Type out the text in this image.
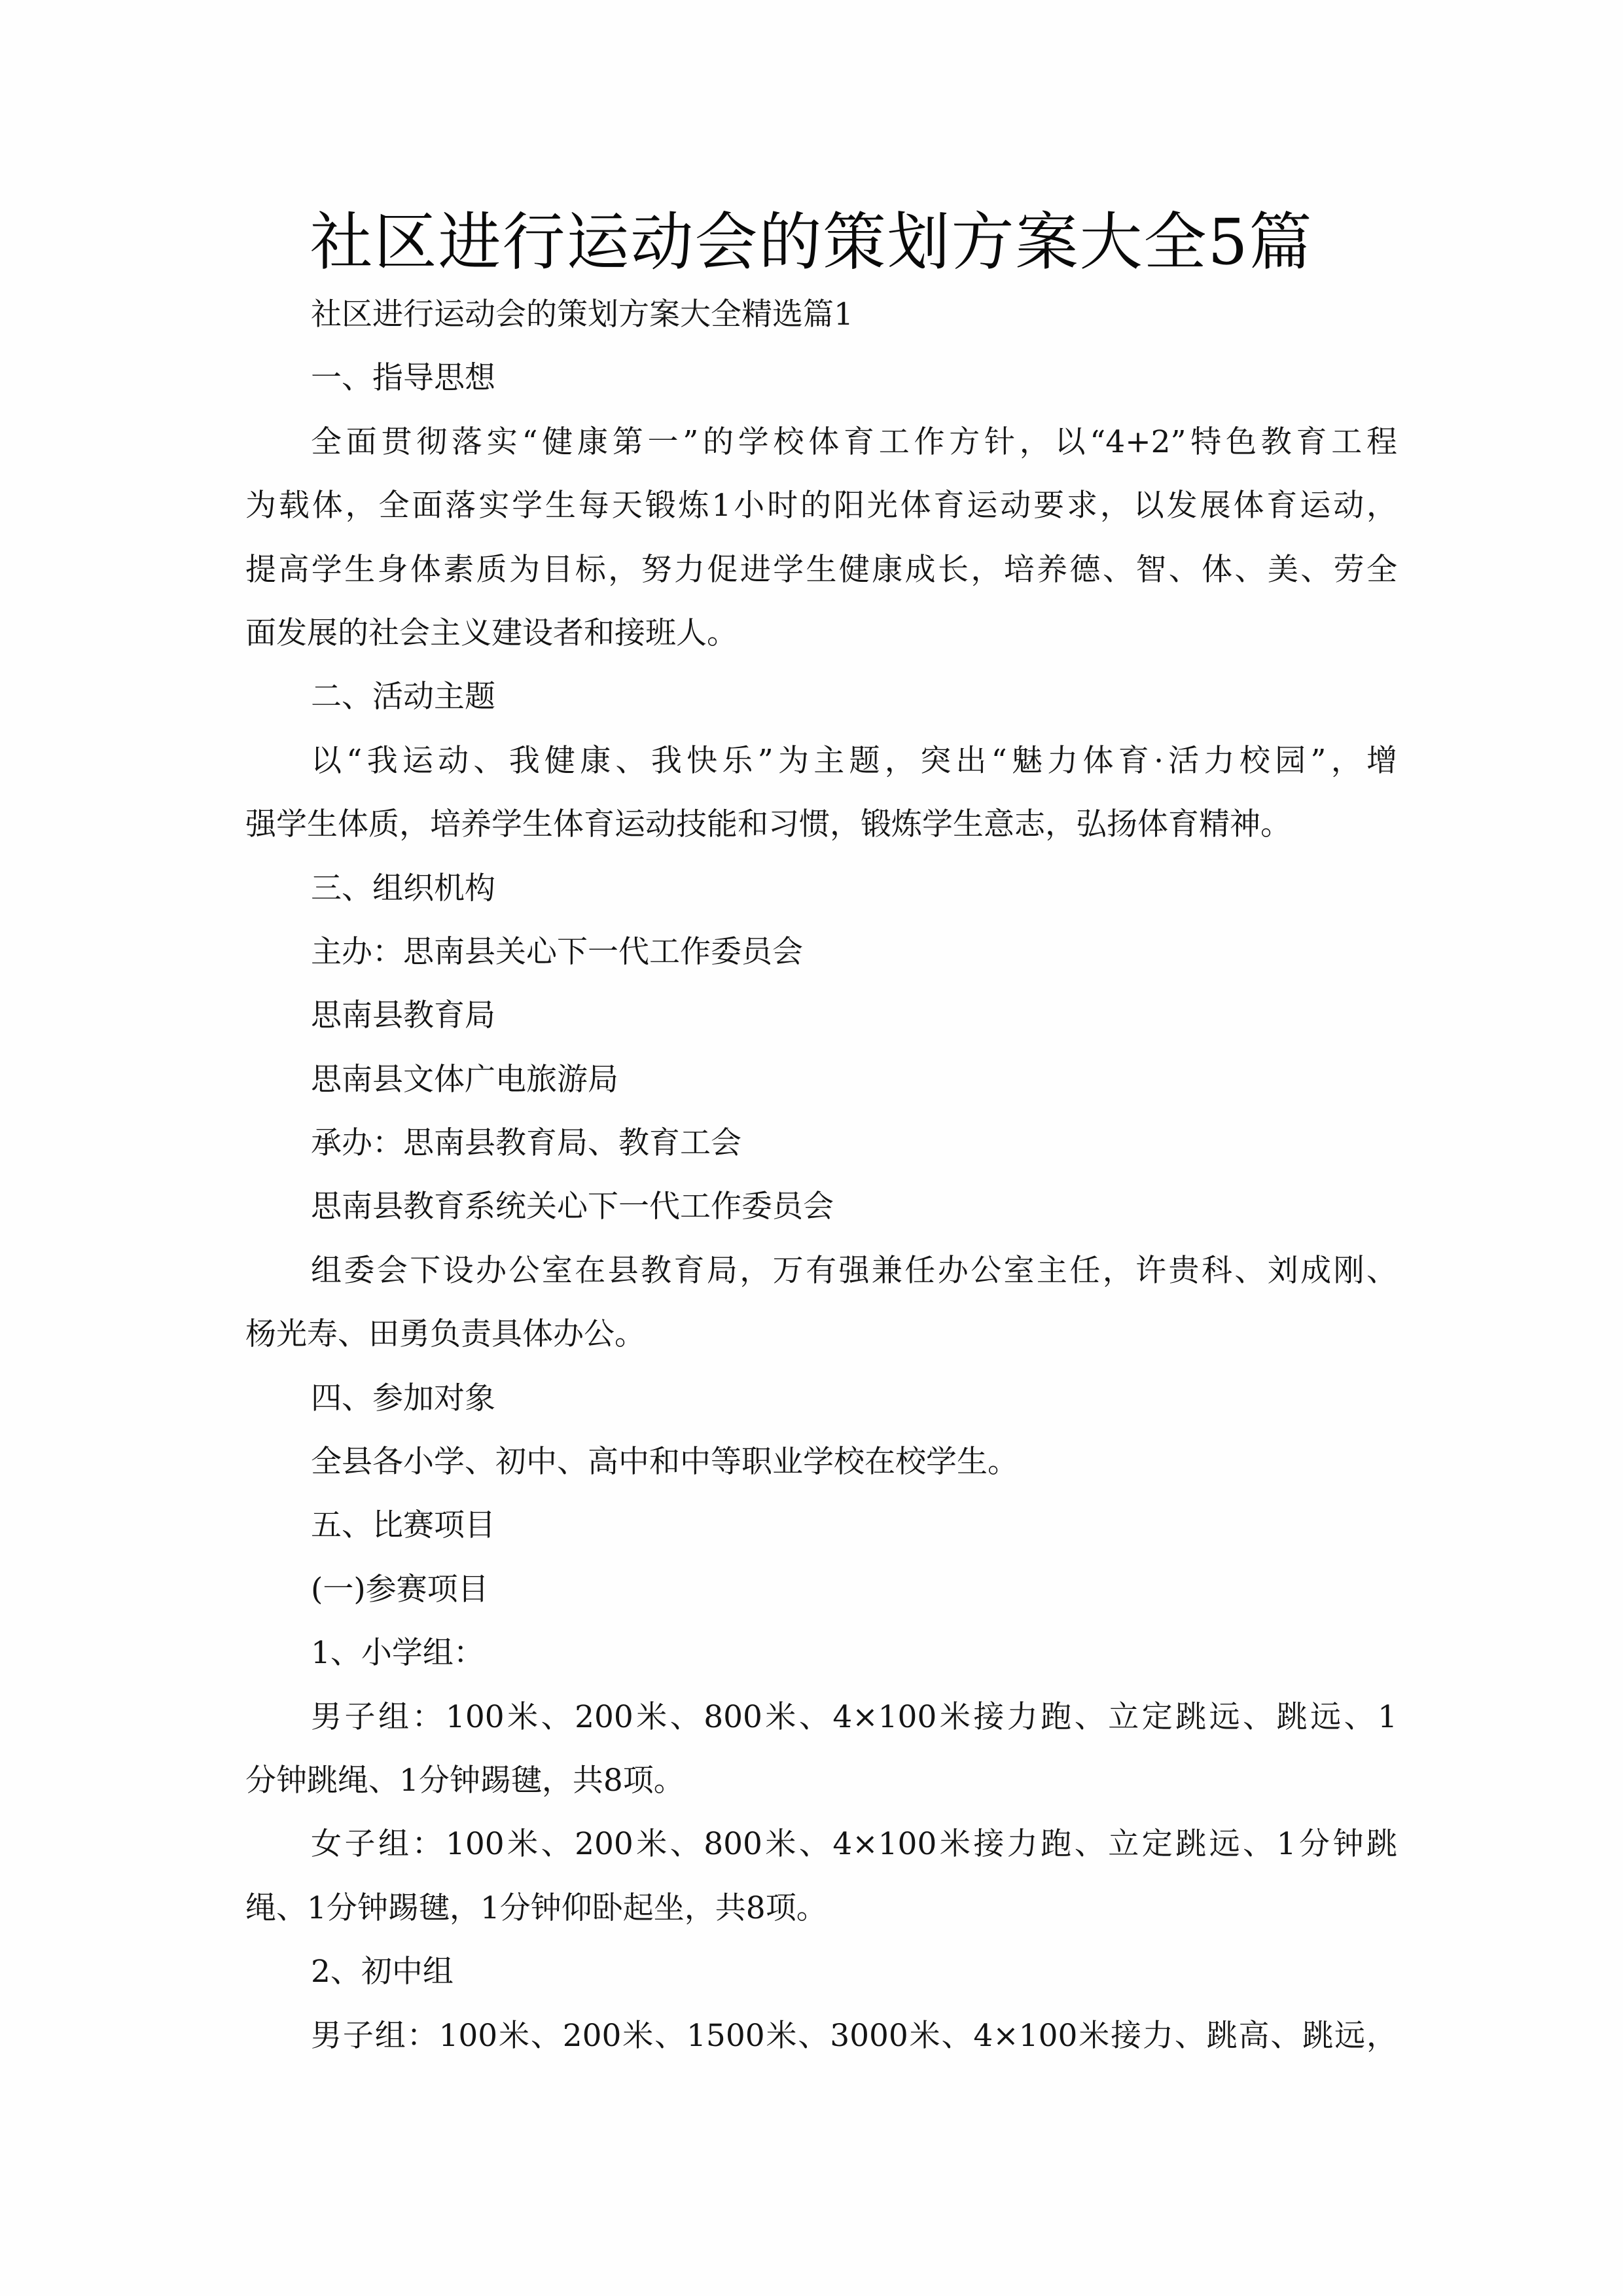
社区进行运动会的策划方案大全5篇
社区进行运动会的策划方案大全精选篇1
一、指导思想
全面贯彻落实“健康第一”的学校体育工作方针，以“4+2”特色教育工程
为载体，全面落实学生每天锻炼1小时的阳光体育运动要求，以发展体育运动，
提高学生身体素质为目标，努力促进学生健康成长，培养德、智、体、美、劳全
面发展的社会主义建设者和接班人。
二、活动主题
以“我运动、我健康、我快乐”为主题，突出“魅力体育·活力校园”，增
强学生体质，培养学生体育运动技能和习惯，锻炼学生意志，弘扬体育精神。
三、组织机构
主办：思南县关心下一代工作委员会
思南县教育局
思南县文体广电旅游局
承办：思南县教育局、教育工会
思南县教育系统关心下一代工作委员会
组委会下设办公室在县教育局，万有强兼任办公室主任，许贵科、刘成刚、
杨光寿、田勇负责具体办公。
四、参加对象
全县各小学、初中、高中和中等职业学校在校学生。
五、比赛项目
(一)参赛项目
1、小学组：
男子组：100米、200米、800米、4×100米接力跑、立定跳远、跳远、1
分钟跳绳、1分钟踢毽，共8项。
女子组：100米、200米、800米、4×100米接力跑、立定跳远、1分钟跳
绳、1分钟踢毽，1分钟仰卧起坐，共8项。
2、初中组
男子组：100米、200米、1500米、3000米、4×100米接力、跳高、跳远，
